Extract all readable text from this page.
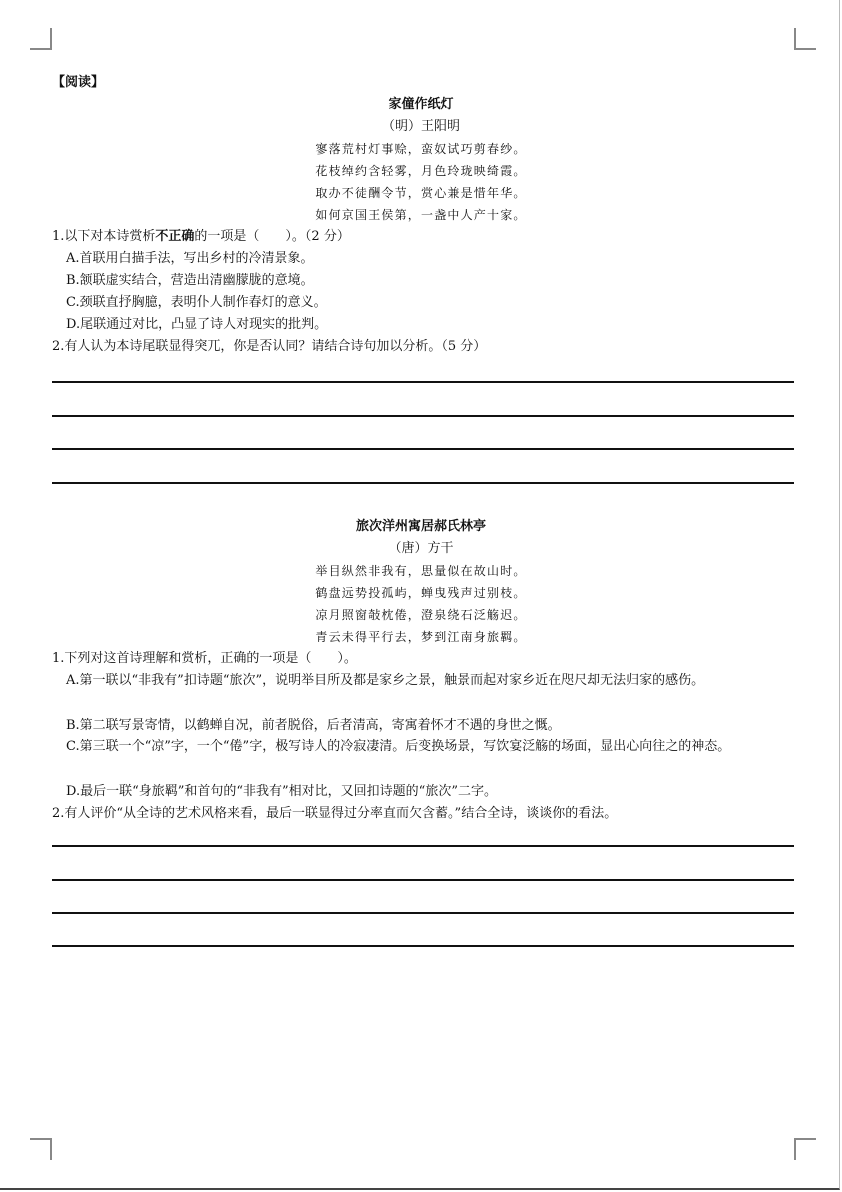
【阅读】
家僮作纸灯
（明）王阳明
寥落荒村灯事赊，蛮奴试巧剪春纱。
花枝绰约含轻雾，月色玲珑映绮霞。
取办不徒酬令节，赏心兼是惜年华。
如何京国王侯第，一盏中人产十家。
1.以下对本诗赏析不正确的一项是（　　）。（2 分）
A.首联用白描手法，写出乡村的冷清景象。
B.颔联虚实结合，营造出清幽朦胧的意境。
C.颈联直抒胸臆，表明仆人制作春灯的意义。
D.尾联通过对比，凸显了诗人对现实的批判。
2.有人认为本诗尾联显得突兀，你是否认同？请结合诗句加以分析。（5 分）
旅次洋州寓居郝氏林亭
（唐）方干
举目纵然非我有，思量似在故山时。
鹤盘远势投孤屿，蝉曳残声过别枝。
凉月照窗敧枕倦，澄泉绕石泛觞迟。
青云未得平行去，梦到江南身旅羁。
1.下列对这首诗理解和赏析，正确的一项是（　　）。
A.第一联以“非我有”扣诗题“旅次”，说明举目所及都是家乡之景，触景而起对家乡近在咫尺却无法归家的感伤。
B.第二联写景寄情，以鹤蝉自况，前者脱俗，后者清高，寄寓着怀才不遇的身世之慨。
C.第三联一个“凉”字，一个“倦”字，极写诗人的冷寂凄清。后变换场景，写饮宴泛觞的场面，显出心向往之的神态。
D.最后一联“身旅羁”和首句的“非我有”相对比，又回扣诗题的“旅次”二字。
2.有人评价“从全诗的艺术风格来看，最后一联显得过分率直而欠含蓄。”结合全诗，谈谈你的看法。
